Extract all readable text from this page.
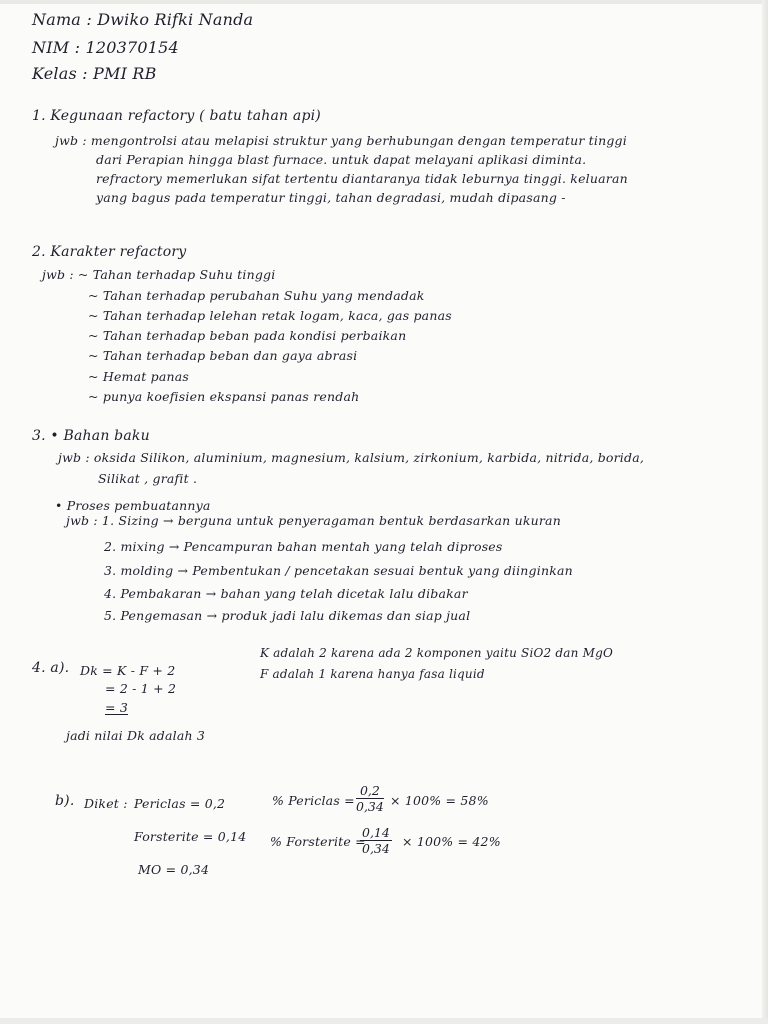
Nama : Dwiko Rifki Nanda
NIM : 120370154
Kelas : PMI RB
1. Kegunaan refactory ( batu tahan api)
jwb : mengontrolsi atau melapisi struktur yang berhubungan dengan temperatur tinggi
dari Perapian hingga blast furnace. untuk dapat melayani aplikasi diminta.
refractory memerlukan sifat tertentu diantaranya tidak leburnya tinggi. keluaran
yang bagus pada temperatur tinggi, tahan degradasi, mudah dipasang -
2. Karakter refactory
jwb : ~ Tahan terhadap Suhu tinggi
~ Tahan terhadap perubahan Suhu yang mendadak
~ Tahan terhadap lelehan retak logam, kaca, gas panas
~ Tahan terhadap beban pada kondisi perbaikan
~ Tahan terhadap beban dan gaya abrasi
~ Hemat panas
~ punya koefisien ekspansi panas rendah
3. • Bahan baku
jwb : oksida Silikon, aluminium, magnesium, kalsium, zirkonium, karbida, nitrida, borida,
Silikat , grafit .
• Proses pembuatannya
jwb : 1. Sizing → berguna untuk penyeragaman bentuk berdasarkan ukuran
2. mixing → Pencampuran bahan mentah yang telah diproses
3. molding → Pembentukan / pencetakan sesuai bentuk yang diinginkan
4. Pembakaran → bahan yang telah dicetak lalu dibakar
5. Pengemasan → produk jadi lalu dikemas dan siap jual
4. a). Dk = K - F + 2
= 2 - 1 + 2
= 3
K adalah 2 karena ada 2 komponen yaitu SiO2 dan MgO
F adalah 1 karena hanya fasa liquid
jadi nilai Dk adalah 3
b). Diket : Periclas = 0,2
Forsterite = 0,14
MO = 0,34
% Periclas = $\frac{0,2}{0,34} \times 100\% = 58\%$
% Forsterite =
$\frac{0,14}{0,34} \times 100\% = 42\%$
